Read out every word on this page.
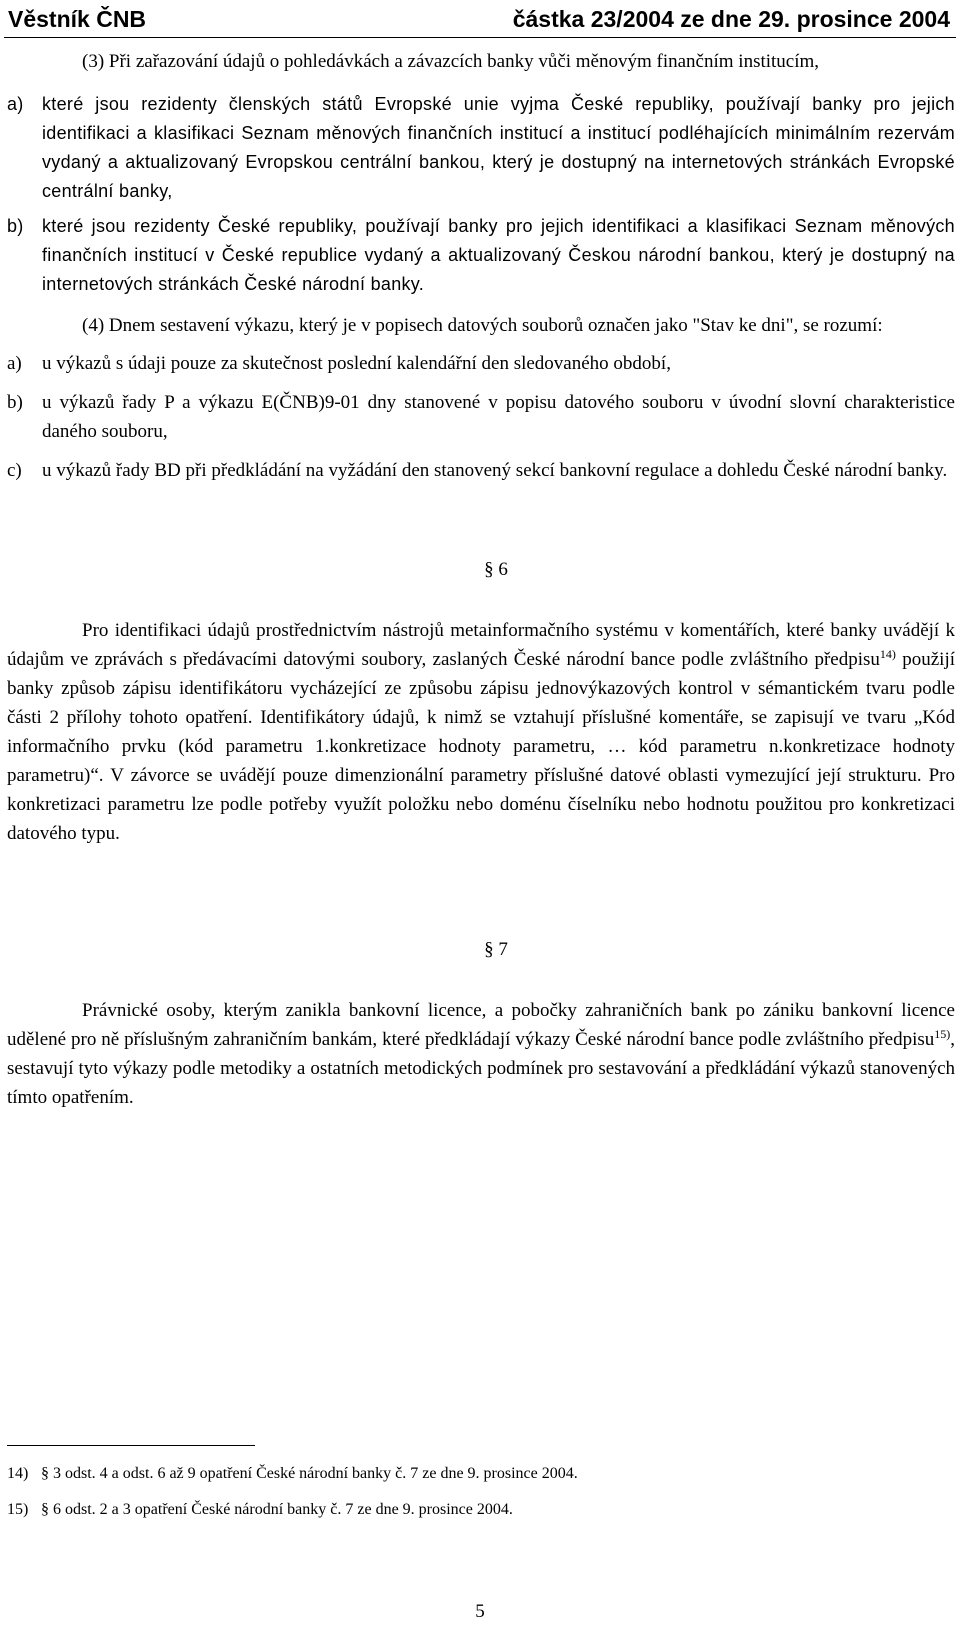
Věstník ČNB	částka 23/2004 ze dne 29. prosince 2004

(3) Při zařazování údajů o pohledávkách a závazcích banky vůči měnovým finančním institucím,

a)	které jsou rezidenty členských států Evropské unie vyjma České republiky, používají banky pro jejich identifikaci a klasifikaci Seznam měnových finančních institucí a institucí podléhajících minimálním rezervám vydaný a aktualizovaný Evropskou centrální bankou, který je dostupný na internetových stránkách Evropské centrální banky,
b)	které jsou rezidenty České republiky, používají banky pro jejich identifikaci a klasifikaci Seznam měnových finančních institucí v České republice vydaný a aktualizovaný Českou národní bankou, který je dostupný na internetových stránkách České národní banky.

(4) Dnem sestavení výkazu, který je v popisech datových souborů označen jako "Stav ke dni", se rozumí:

a)	u výkazů s údaji pouze za skutečnost poslední kalendářní den sledovaného období,
b)	u výkazů řady P a výkazu E(ČNB)9-01 dny stanovené v popisu datového souboru v úvodní slovní charakteristice daného souboru,
c)	u výkazů řady BD při předkládání na vyžádání den stanovený sekcí bankovní regulace a dohledu České národní banky.

§ 6

Pro identifikaci údajů prostřednictvím nástrojů metainformačního systému v komentářích, které banky uvádějí k údajům ve zprávách s předávacími datovými soubory, zaslaných České národní bance podle zvláštního předpisu$^{14)}$ použijí banky způsob zápisu identifikátoru vycházející ze způsobu zápisu jednovýkazových kontrol v sémantickém tvaru podle části 2 přílohy tohoto opatření. Identifikátory údajů, k nimž se vztahují příslušné komentáře, se zapisují ve tvaru „Kód informačního prvku (kód parametru 1.konkretizace hodnoty parametru, … kód parametru n.konkretizace hodnoty parametru)“. V závorce se uvádějí pouze dimenzionální parametry příslušné datové oblasti vymezující její strukturu. Pro konkretizaci parametru lze podle potřeby využít položku nebo doménu číselníku nebo hodnotu použitou pro konkretizaci datového typu.

§ 7

Právnické osoby, kterým zanikla bankovní licence, a pobočky zahraničních bank po zániku bankovní licence udělené pro ně příslušným zahraničním bankám, které předkládají výkazy České národní bance podle zvláštního předpisu$^{15)}$, sestavují tyto výkazy podle metodiky a ostatních metodických podmínek pro sestavování a předkládání výkazů stanovených tímto opatřením.

14) § 3 odst. 4 a odst. 6 až 9 opatření České národní banky č. 7 ze dne 9. prosince 2004.
15) § 6 odst. 2 a 3 opatření České národní banky č. 7 ze dne 9. prosince 2004.
5
